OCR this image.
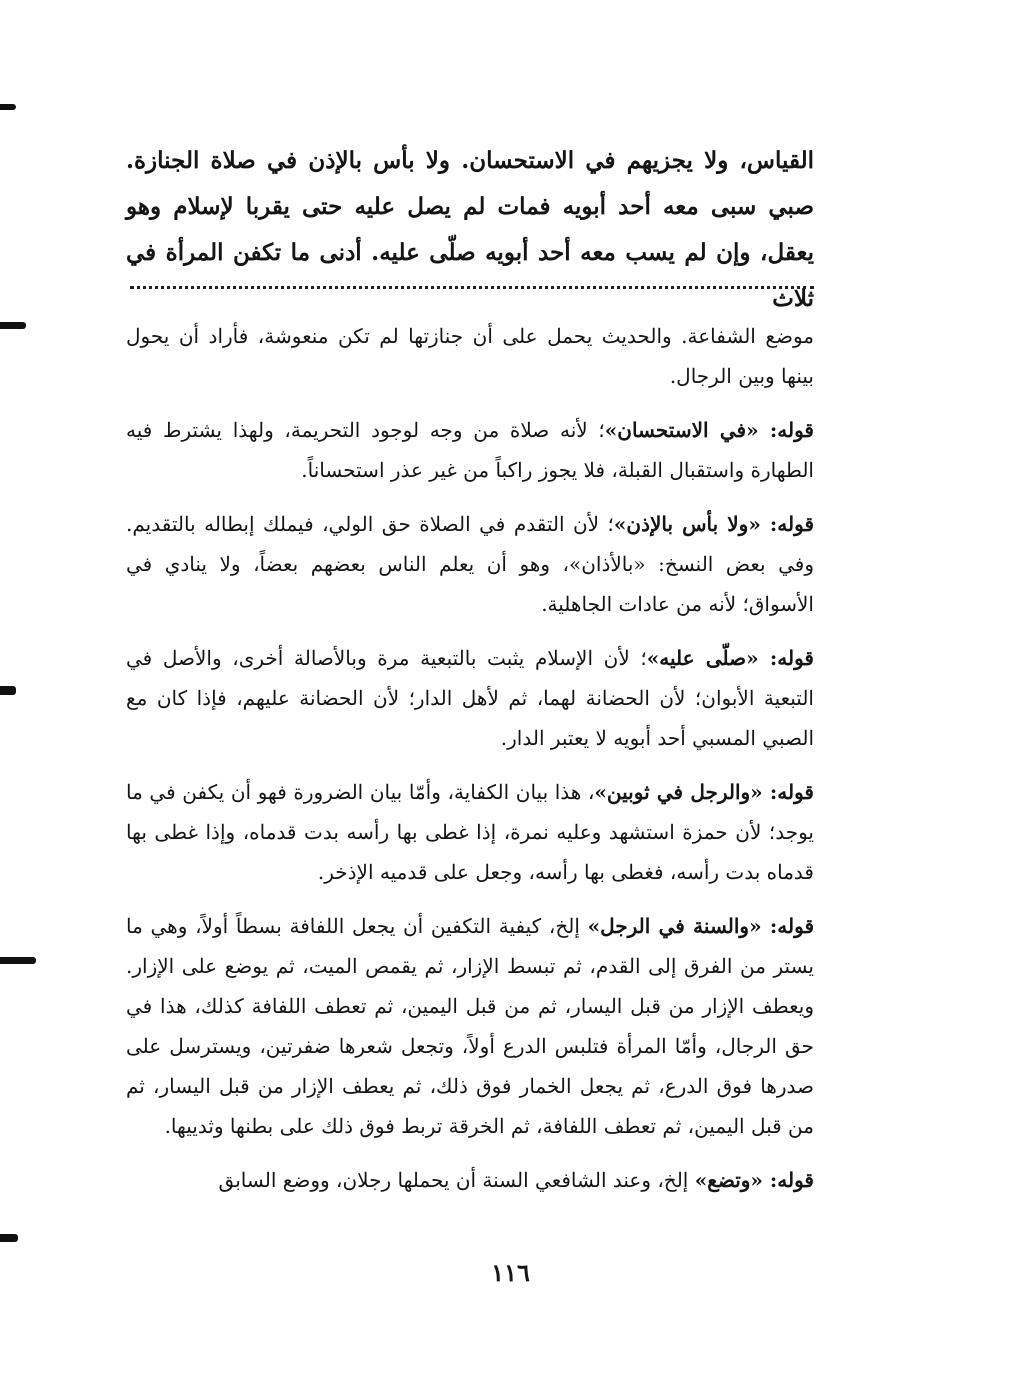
القياس، ولا يجزيهم في الاستحسان. ولا بأس بالإذن في صلاة الجنازة. صبي سبى معه أحد أبويه فمات لم يصل عليه حتى يقربا لإسلام وهو يعقل، وإن لم يسب معه أحد أبويه صلّى عليه. أدنى ما تكفن المرأة في ثلاث

موضع الشفاعة. والحديث يحمل على أن جنازتها لم تكن منعوشة، فأراد أن يحول بينها وبين الرجال.

قوله: «في الاستحسان»؛ لأنه صلاة من وجه لوجود التحريمة، ولهذا يشترط فيه الطهارة واستقبال القبلة، فلا يجوز راكباً من غير عذر استحساناً.

قوله: «ولا بأس بالإذن»؛ لأن التقدم في الصلاة حق الولي، فيملك إبطاله بالتقديم. وفي بعض النسخ: «بالأذان»، وهو أن يعلم الناس بعضهم بعضاً، ولا ينادي في الأسواق؛ لأنه من عادات الجاهلية.

قوله: «صلّى عليه»؛ لأن الإسلام يثبت بالتبعية مرة وبالأصالة أخرى، والأصل في التبعية الأبوان؛ لأن الحضانة لهما، ثم لأهل الدار؛ لأن الحضانة عليهم، فإذا كان مع الصبي المسبي أحد أبويه لا يعتبر الدار.

قوله: «والرجل في ثوبين»، هذا بيان الكفاية، وأمّا بيان الضرورة فهو أن يكفن في ما يوجد؛ لأن حمزة استشهد وعليه نمرة، إذا غطى بها رأسه بدت قدماه، وإذا غطى بها قدماه بدت رأسه، فغطى بها رأسه، وجعل على قدميه الإذخر.

قوله: «والسنة في الرجل» إلخ، كيفية التكفين أن يجعل اللفافة بسطاً أولاً، وهي ما يستر من الفرق إلى القدم، ثم تبسط الإزار، ثم يقمص الميت، ثم يوضع على الإزار. ويعطف الإزار من قبل اليسار، ثم من قبل اليمين، ثم تعطف اللفافة كذلك، هذا في حق الرجال، وأمّا المرأة فتلبس الدرع أولاً، وتجعل شعرها ضفرتين، ويسترسل على صدرها فوق الدرع، ثم يجعل الخمار فوق ذلك، ثم يعطف الإزار من قبل اليسار، ثم من قبل اليمين، ثم تعطف اللفافة، ثم الخرقة تربط فوق ذلك على بطنها وثدييها.

قوله: «وتضع» إلخ، وعند الشافعي السنة أن يحملها رجلان، ووضع السابق

١١٦
